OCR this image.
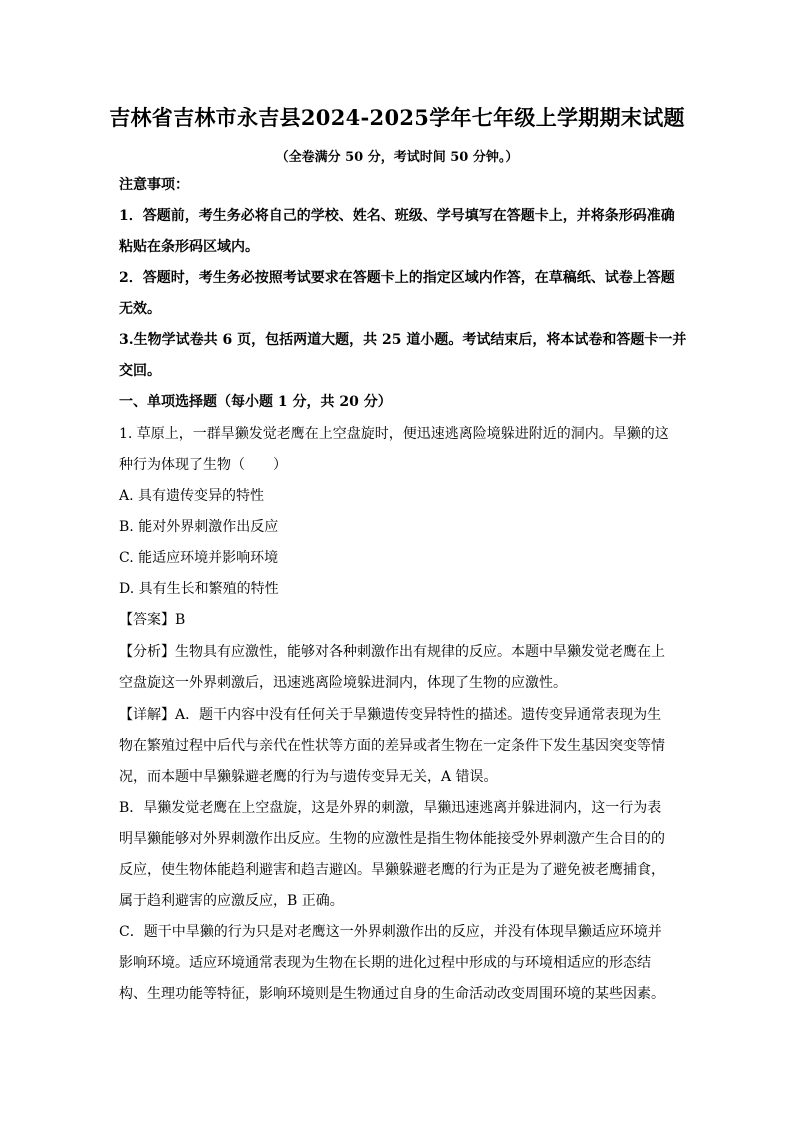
吉林省吉林市永吉县2024-2025学年七年级上学期期末试题
（全卷满分 50 分，考试时间 50 分钟。）
注意事项：
1．答题前，考生务必将自己的学校、姓名、班级、学号填写在答题卡上，并将条形码准确
粘贴在条形码区域内。
2．答题时，考生务必按照考试要求在答题卡上的指定区域内作答，在草稿纸、试卷上答题
无效。
3.生物学试卷共 6 页，包括两道大题，共 25 道小题。考试结束后，将本试卷和答题卡一并
交回。
一、单项选择题（每小题 1 分，共 20 分）
1. 草原上，一群旱獭发觉老鹰在上空盘旋时，便迅速逃离险境躲进附近的洞内。旱獭的这
种行为体现了生物（　　）
A. 具有遗传变异的特性
B. 能对外界刺激作出反应
C. 能适应环境并影响环境
D. 具有生长和繁殖的特性
【答案】B
【分析】生物具有应激性，能够对各种刺激作出有规律的反应。本题中旱獭发觉老鹰在上
空盘旋这一外界刺激后，迅速逃离险境躲进洞内，体现了生物的应激性。
【详解】A．题干内容中没有任何关于旱獭遗传变异特性的描述。遗传变异通常表现为生
物在繁殖过程中后代与亲代在性状等方面的差异或者生物在一定条件下发生基因突变等情
况，而本题中旱獭躲避老鹰的行为与遗传变异无关，A 错误。
B．旱獭发觉老鹰在上空盘旋，这是外界的刺激，旱獭迅速逃离并躲进洞内，这一行为表
明旱獭能够对外界刺激作出反应。生物的应激性是指生物体能接受外界刺激产生合目的的
反应，使生物体能趋利避害和趋吉避凶。旱獭躲避老鹰的行为正是为了避免被老鹰捕食，
属于趋利避害的应激反应，B 正确。
C．题干中旱獭的行为只是对老鹰这一外界刺激作出的反应，并没有体现旱獭适应环境并
影响环境。适应环境通常表现为生物在长期的进化过程中形成的与环境相适应的形态结
构、生理功能等特征，影响环境则是生物通过自身的生命活动改变周围环境的某些因素。
